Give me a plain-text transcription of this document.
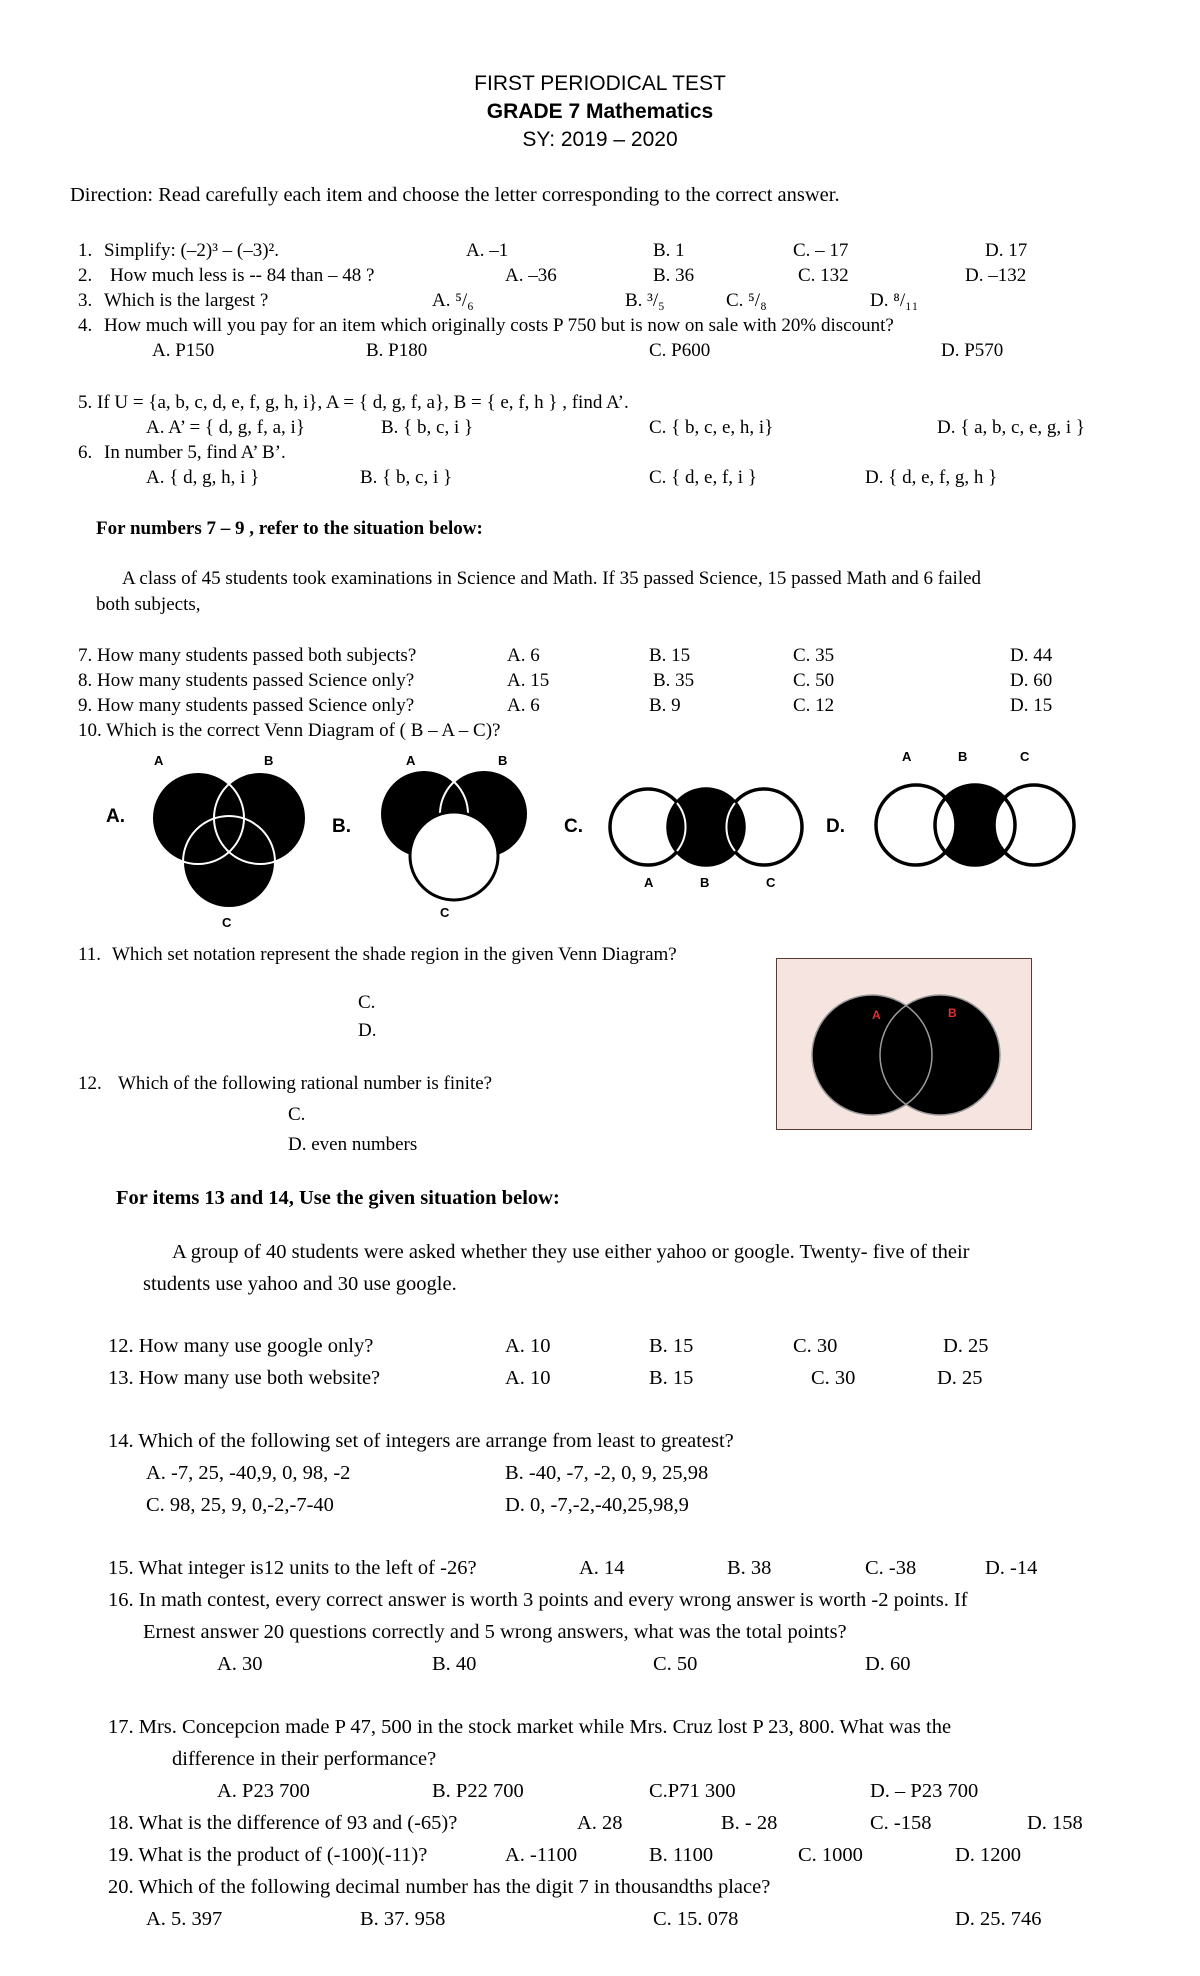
FIRST PERIODICAL TEST
GRADE 7 Mathematics
SY: 2019 – 2020
Direction: Read carefully each item and choose the letter corresponding to the correct answer.
1. Simplify: (–2)³ – (–3)².	A. –1	B. 1	C. – 17	D. 17
2. How much less is -- 84 than – 48 ?	A. –36	B. 36	C. 132	D. –132
3. Which is the largest ?	A. ⁵/₆	B. ³/₅	C. ⁵/₈	D. ⁸/₁₁
4. How much will you pay for an item which originally costs P 750 but is now on sale with 20% discount?
A. P150	B. P180	C. P600	D. P570
5. If U = {a, b, c, d, e, f, g, h, i}, A = { d, g, f, a}, B = { e, f, h } , find A’.
A. A’ = { d, g, f, a, i}	B. { b, c, i }	C. { b, c, e, h, i}	D. { a, b, c, e, g, i }
6. In number 5, find A’ B’.
A. { d, g, h, i }	B. { b, c, i }	C. { d, e, f, i }	D. { d, e, f, g, h }
For numbers 7 – 9 , refer to the situation below:
A class of 45 students took examinations in Science and Math. If 35 passed Science, 15 passed Math and 6 failed
both subjects,
7. How many students passed both subjects?	A. 6	B. 15	C. 35	D. 44
8. How many students passed Science only?	A. 15	B. 35	C. 50	D. 60
9. How many students passed Science only?	A. 6	B. 9	C. 12	D. 15
10. Which is the correct Venn Diagram of ( B – A – C)?
A.
A	B
C
B.
A	B
C
C.
A	B	C
D.
A	B	C
11. Which set notation represent the shade region in the given Venn Diagram?
C.
D.
A	B
12. Which of the following rational number is finite?
C.
D. even numbers
For items 13 and 14, Use the given situation below:
A group of 40 students were asked whether they use either yahoo or google. Twenty- five of their
students use yahoo and 30 use google.
12. How many use google only?	A. 10	B. 15	C. 30	D. 25
13. How many use both website?	A. 10	B. 15	C. 30	D. 25
14. Which of the following set of integers are arrange from least to greatest?
A. -7, 25, -40,9, 0, 98, -2	B. -40, -7, -2, 0, 9, 25,98
C. 98, 25, 9, 0,-2,-7-40	D. 0, -7,-2,-40,25,98,9
15. What integer is12 units to the left of -26?	A. 14	B. 38	C. -38	D. -14
16. In math contest, every correct answer is worth 3 points and every wrong answer is worth -2 points. If
Ernest answer 20 questions correctly and 5 wrong answers, what was the total points?
A. 30	B. 40	C. 50	D. 60
17. Mrs. Concepcion made P 47, 500 in the stock market while Mrs. Cruz lost P 23, 800. What was the
difference in their performance?
A. P23 700	B. P22 700	C.P71 300	D. – P23 700
18. What is the difference of 93 and (-65)?	A. 28	B. - 28	C. -158	D. 158
19. What is the product of (-100)(-11)?	A. -1100	B. 1100	C. 1000	D. 1200
20. Which of the following decimal number has the digit 7 in thousandths place?
A. 5. 397	B. 37. 958	C. 15. 078	D. 25. 746
